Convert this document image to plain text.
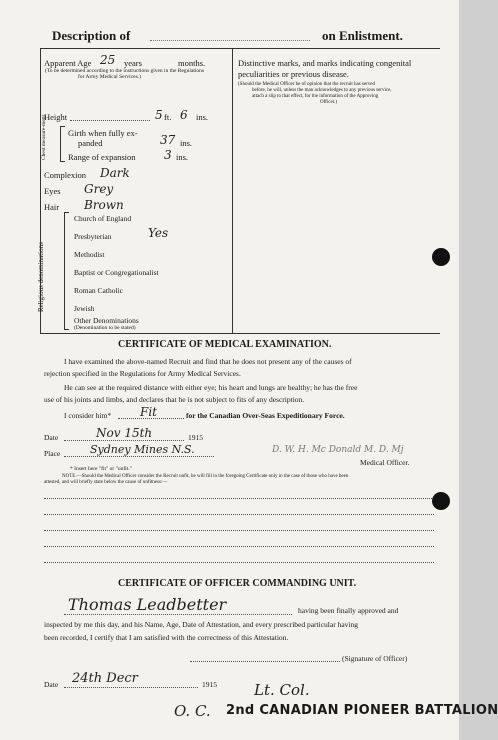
Description of
	on Enlistment.
Apparent Age 25 years	months.
(To be determined according to the instructions given in the Regulations
for Army Medical Services.)
Height	5 ft. 6 ins.
Chest measure-ment Girth when fully ex-
panded	37 ins.
Range of expansion 3 ins.
Complexion Dark
Eyes Grey
Hair Brown
Religious denominations
Church of England
Presbyterian	Yes
Methodist
Baptist or Congregationalist
Roman Catholic
Jewish
Other Denominations
(Denomination to be stated)
Distinctive marks, and marks indicating congenital
peculiarities or previous disease.
(Should the Medical Officer be of opinion that the recruit has served
before, he will, unless the man acknowledges to any previous service,
attach a slip to that effect, for the information of the Approving
Officer.)
CERTIFICATE OF MEDICAL EXAMINATION.
I have examined the above-named Recruit and find that he does not present any of the causes of
rejection specified in the Regulations for Army Medical Services.
He can see at the required distance with either eye; his heart and lungs are healthy; he has the free
use of his joints and limbs, and declares that he is not subject to fits of any description.
I consider him* Fit	for the Canadian Over-Seas Expeditionary Force.
Date	Nov 15th	1915
Place	Sydney Mines N.S.	D. W. H. Mc Donald M. D. Mj
Medical Officer.
* Insert here "fit" or "unfit."
NOTE.—Should the Medical Officer consider the Recruit unfit, he will fill in the foregoing Certificate only in the case of those who have been
attested, and will briefly state below the cause of unfitness:—
CERTIFICATE OF OFFICER COMMANDING UNIT.
Thomas Leadbetter	having been finally approved and
inspected by me this day, and his Name, Age, Date of Attestation, and every prescribed particular having
been recorded, I certify that I am satisfied with the correctness of this Attestation.
(Signature of Officer)
Date 24th Decr	1915 Lt. Col.
O. C. 2nd CANADIAN PIONEER BATTALION
